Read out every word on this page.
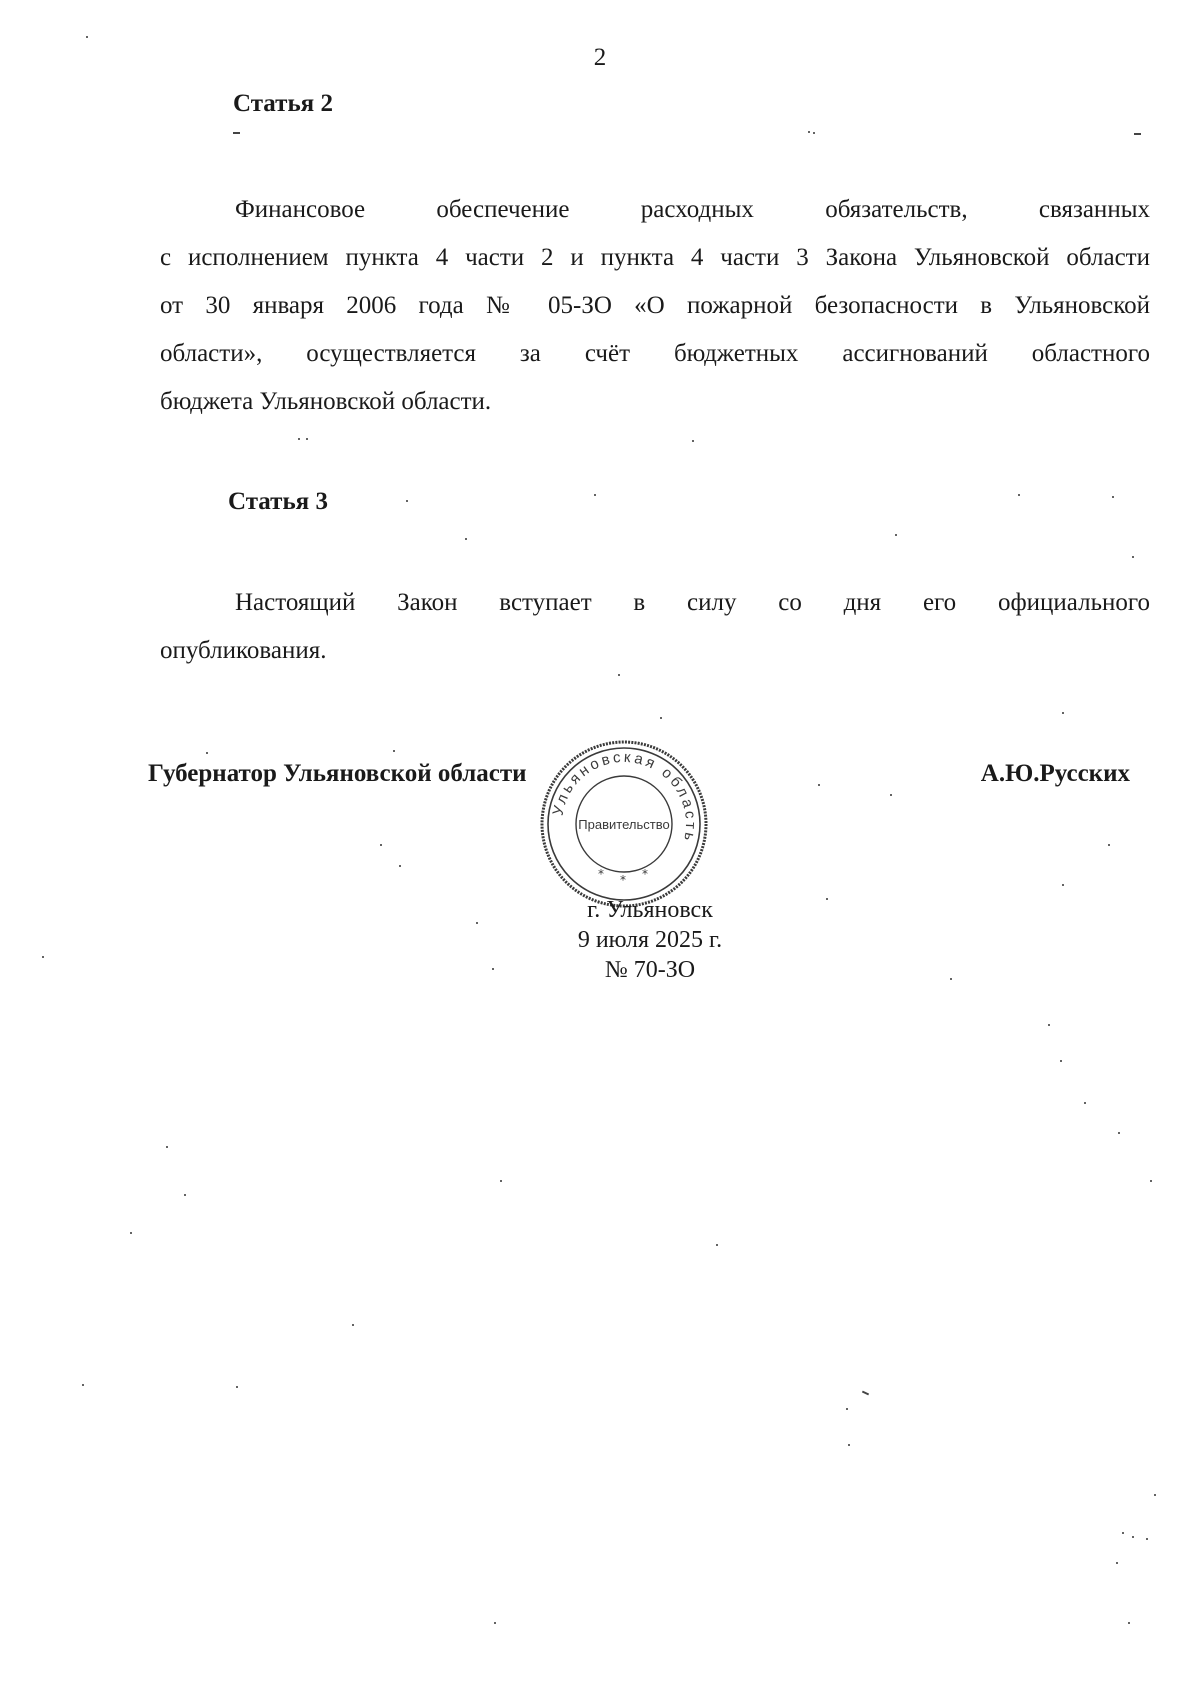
2
Статья 2
Финансовое обеспечение расходных обязательств, связанных
с исполнением пункта 4 части 2 и пункта 4 части 3 Закона Ульяновской области
от 30 января 2006 года № 05-ЗО «О пожарной безопасности в Ульяновской
области», осуществляется за счёт бюджетных ассигнований областного
бюджета Ульяновской области.
Статья 3
Настоящий Закон вступает в силу со дня его официального
опубликования.
Губернатор Ульяновской области	А.Ю.Русских
Ульяновская область
Правительство
* * *
г. Ульяновск
9 июля 2025 г.
№ 70-ЗО
